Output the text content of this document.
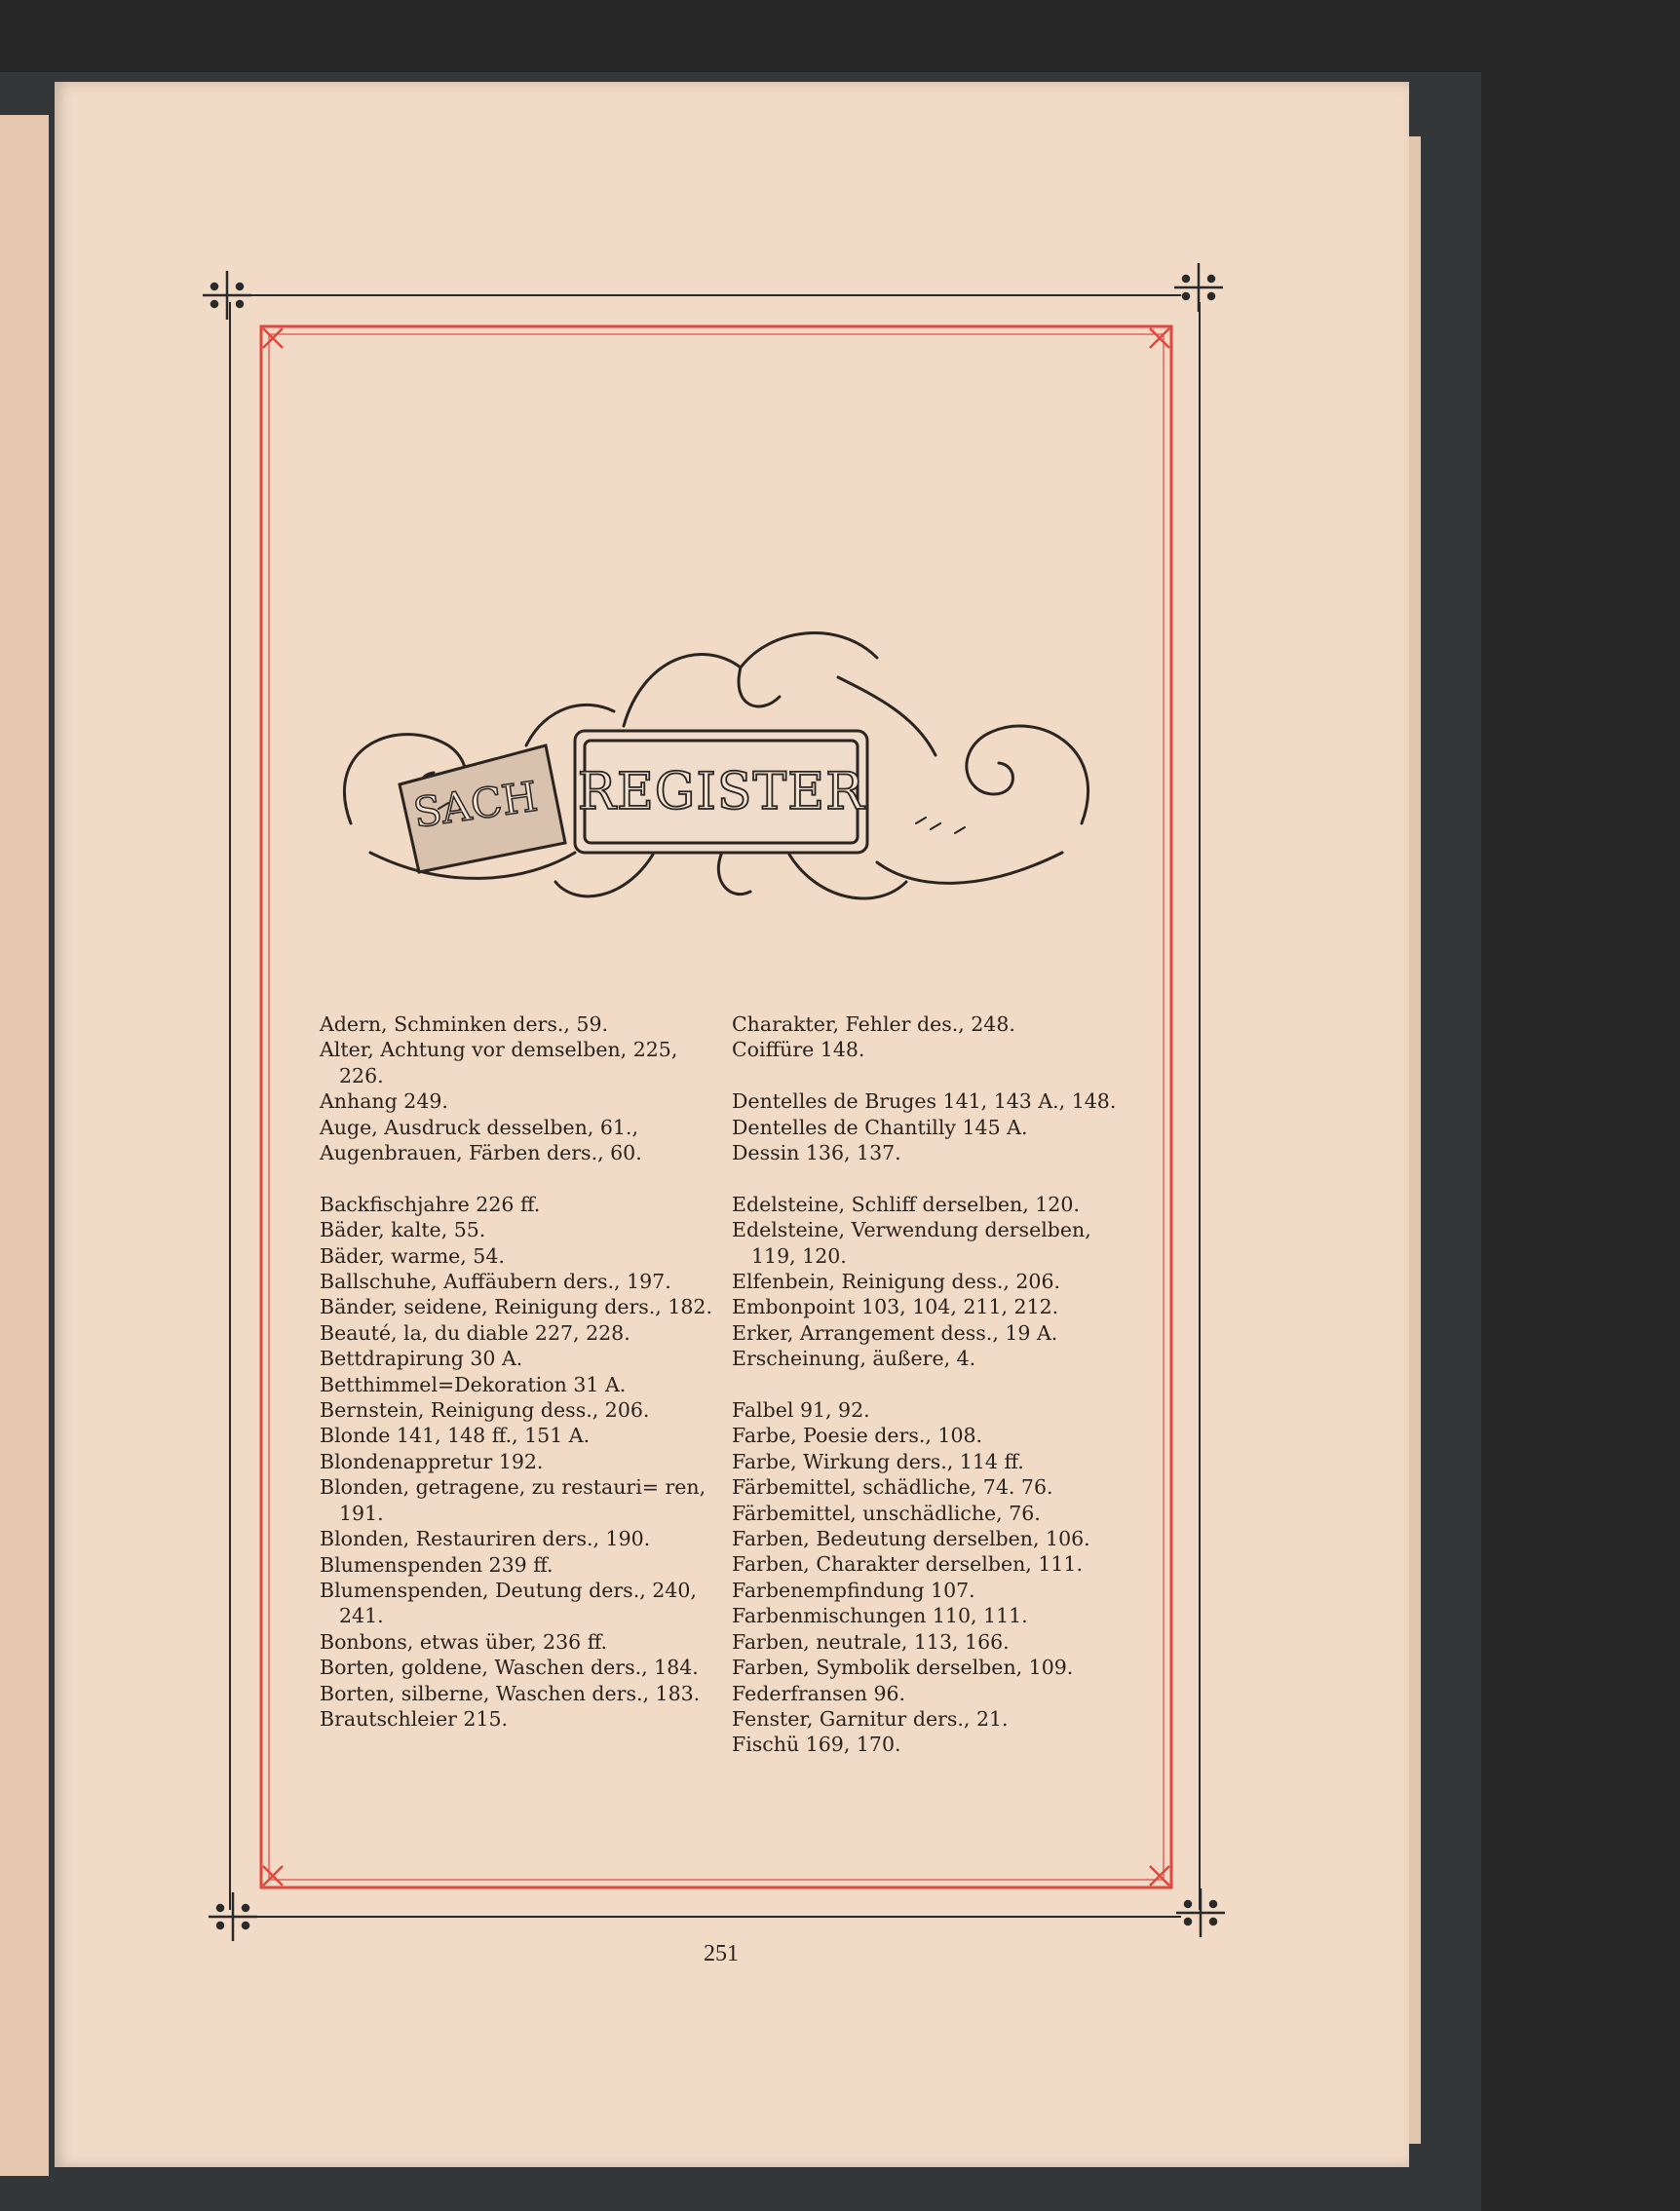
SACH REGISTER
Adern, Schminken ders., 59.
Alter, Achtung vor demselben, 225, 226.
Anhang 249.
Auge, Ausdruck desselben, 61.,
Augenbrauen, Färben ders., 60.
Backfischjahre 226 ff.
Bäder, kalte, 55.
Bäder, warme, 54.
Ballschuhe, Auffäubern ders., 197.
Bänder, seidene, Reinigung ders., 182.
Beauté, la, du diable 227, 228.
Bettdrapirung 30 A.
Betthimmel=Dekoration 31 A.
Bernstein, Reinigung dess., 206.
Blonde 141, 148 ff., 151 A.
Blondenappretur 192.
Blonden, getragene, zu restauri= ren, 191.
Blonden, Restauriren ders., 190.
Blumenspenden 239 ff.
Blumenspenden, Deutung ders., 240, 241.
Bonbons, etwas über, 236 ff.
Borten, goldene, Waschen ders., 184.
Borten, silberne, Waschen ders., 183.
Brautschleier 215.
Charakter, Fehler des., 248.
Coiffüre 148.
Dentelles de Bruges 141, 143 A., 148.
Dentelles de Chantilly 145 A.
Dessin 136, 137.
Edelsteine, Schliff derselben, 120.
Edelsteine, Verwendung derselben, 119, 120.
Elfenbein, Reinigung dess., 206.
Embonpoint 103, 104, 211, 212.
Erker, Arrangement dess., 19 A.
Erscheinung, äußere, 4.
Falbel 91, 92.
Farbe, Poesie ders., 108.
Farbe, Wirkung ders., 114 ff.
Färbemittel, schädliche, 74. 76.
Färbemittel, unschädliche, 76.
Farben, Bedeutung derselben, 106.
Farben, Charakter derselben, 111.
Farbenempfindung 107.
Farbenmischungen 110, 111.
Farben, neutrale, 113, 166.
Farben, Symbolik derselben, 109.
Federfransen 96.
Fenster, Garnitur ders., 21.
Fischü 169, 170.
251
